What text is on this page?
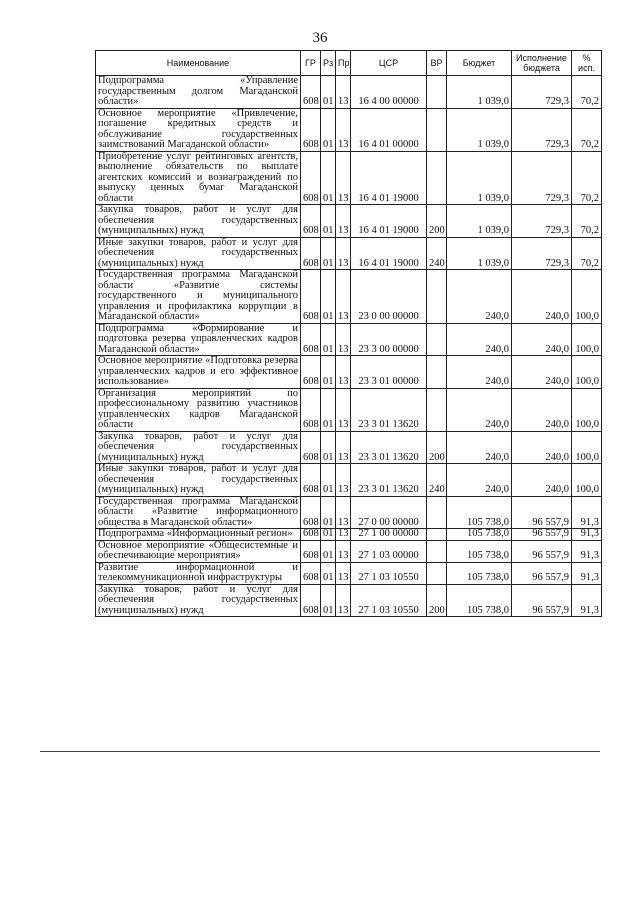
36
Наименование	ГР	Рз	Пр	ЦСР	ВР	Бюджет	Исполнение бюджета	% исп.
Подпрограмма «Управление государственным долгом Магаданской области»	608	01	13	16 4 00 00000		1 039,0	729,3	70,2
Основное мероприятие «Привлечение, погашение кредитных средств и обслуживание государственных заимствований Магаданской области»	608	01	13	16 4 01 00000		1 039,0	729,3	70,2
Приобретение услуг рейтинговых агентств, выполнение обязательств по выплате агентских комиссий и вознаграждений по выпуску ценных бумаг Магаданской области	608	01	13	16 4 01 19000		1 039,0	729,3	70,2
Закупка товаров, работ и услуг для обеспечения государственных (муниципальных) нужд	608	01	13	16 4 01 19000	200	1 039,0	729,3	70,2
Иные закупки товаров, работ и услуг для обеспечения государственных (муниципальных) нужд	608	01	13	16 4 01 19000	240	1 039,0	729,3	70,2
Государственная программа Магаданской области «Развитие системы государственного и муниципального управления и профилактика коррупции в Магаданской области»	608	01	13	23 0 00 00000		240,0	240,0	100,0
Подпрограмма «Формирование и подготовка резерва управленческих кадров Магаданской области»	608	01	13	23 3 00 00000		240,0	240,0	100,0
Основное мероприятие «Подготовка резерва управленческих кадров и его эффективное использование»	608	01	13	23 3 01 00000		240,0	240,0	100,0
Организация мероприятий по профессиональному развитию участников управленческих кадров Магаданской области	608	01	13	23 3 01 13620		240,0	240,0	100,0
Закупка товаров, работ и услуг для обеспечения государственных (муниципальных) нужд	608	01	13	23 3 01 13620	200	240,0	240,0	100,0
Иные закупки товаров, работ и услуг для обеспечения государственных (муниципальных) нужд	608	01	13	23 3 01 13620	240	240,0	240,0	100,0
Государственная программа Магаданской области «Развитие информационного общества в Магаданской области»	608	01	13	27 0 00 00000		105 738,0	96 557,9	91,3
Подпрограмма «Информационный регион»	608	01	13	27 1 00 00000		105 738,0	96 557,9	91,3
Основное мероприятие «Общесистемные и обеспечивающие мероприятия»	608	01	13	27 1 03 00000		105 738,0	96 557,9	91,3
Развитие информационной и телекоммуникационной инфраструктуры	608	01	13	27 1 03 10550		105 738,0	96 557,9	91,3
Закупка товаров, работ и услуг для обеспечения государственных (муниципальных) нужд	608	01	13	27 1 03 10550	200	105 738,0	96 557,9	91,3
